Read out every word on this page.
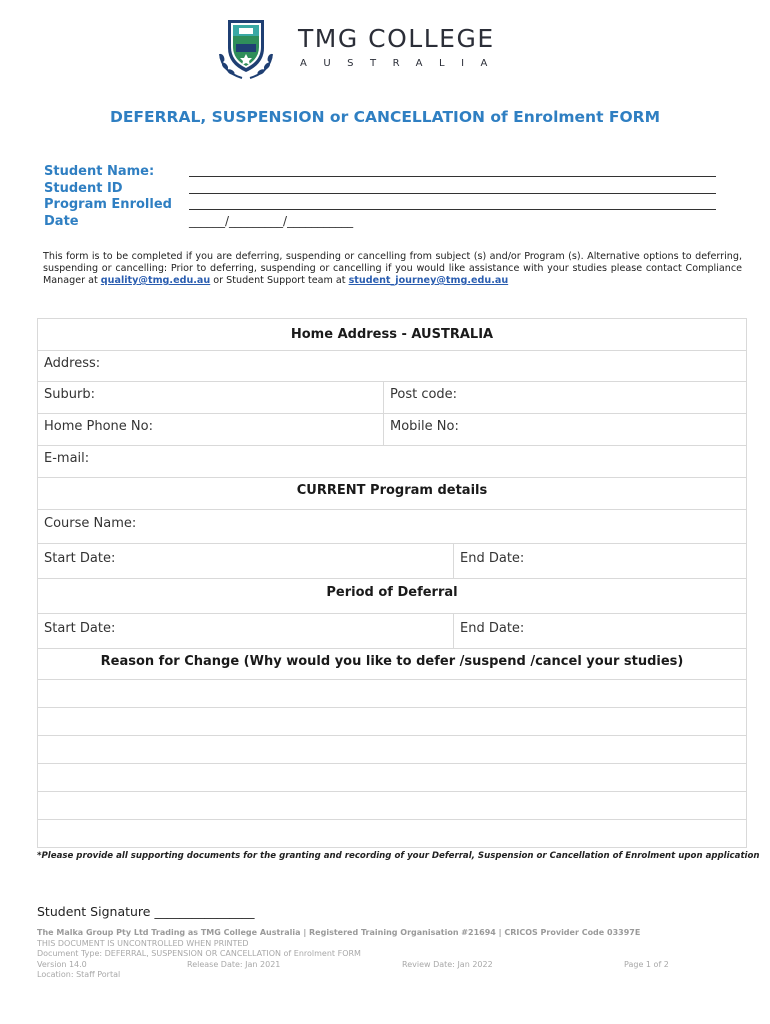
TMG COLLEGE
AUSTRALIA
DEFERRAL, SUSPENSION or CANCELLATION of Enrolment FORM
Student Name:
Student ID
Program Enrolled
Date	______/_________/___________
This form is to be completed if you are deferring, suspending or cancelling from subject (s) and/or Program (s). Alternative options to deferring, suspending or cancelling: Prior to deferring, suspending or cancelling if you would like assistance with your studies please contact Compliance Manager at quality@tmg.edu.au or Student Support team at student_journey@tmg.edu.au
Home Address - AUSTRALIA
Address:
Suburb:	Post code:
Home Phone No:	Mobile No:
E-mail:
CURRENT Program details
Course Name:
Start Date:	End Date:
Period of Deferral
Start Date:	End Date:
Reason for Change (Why would you like to defer /suspend /cancel your studies)
*Please provide all supporting documents for the granting and recording of your Deferral, Suspension or Cancellation of Enrolment upon application
Student Signature ________________
The Malka Group Pty Ltd Trading as TMG College Australia | Registered Training Organisation #21694 | CRICOS Provider Code 03397E
THIS DOCUMENT IS UNCONTROLLED WHEN PRINTED
Document Type: DEFERRAL, SUSPENSION OR CANCELLATION of Enrolment FORM
Version 14.0	Release Date: Jan 2021	Review Date: Jan 2022	Page 1 of 2
Location: Staff Portal
